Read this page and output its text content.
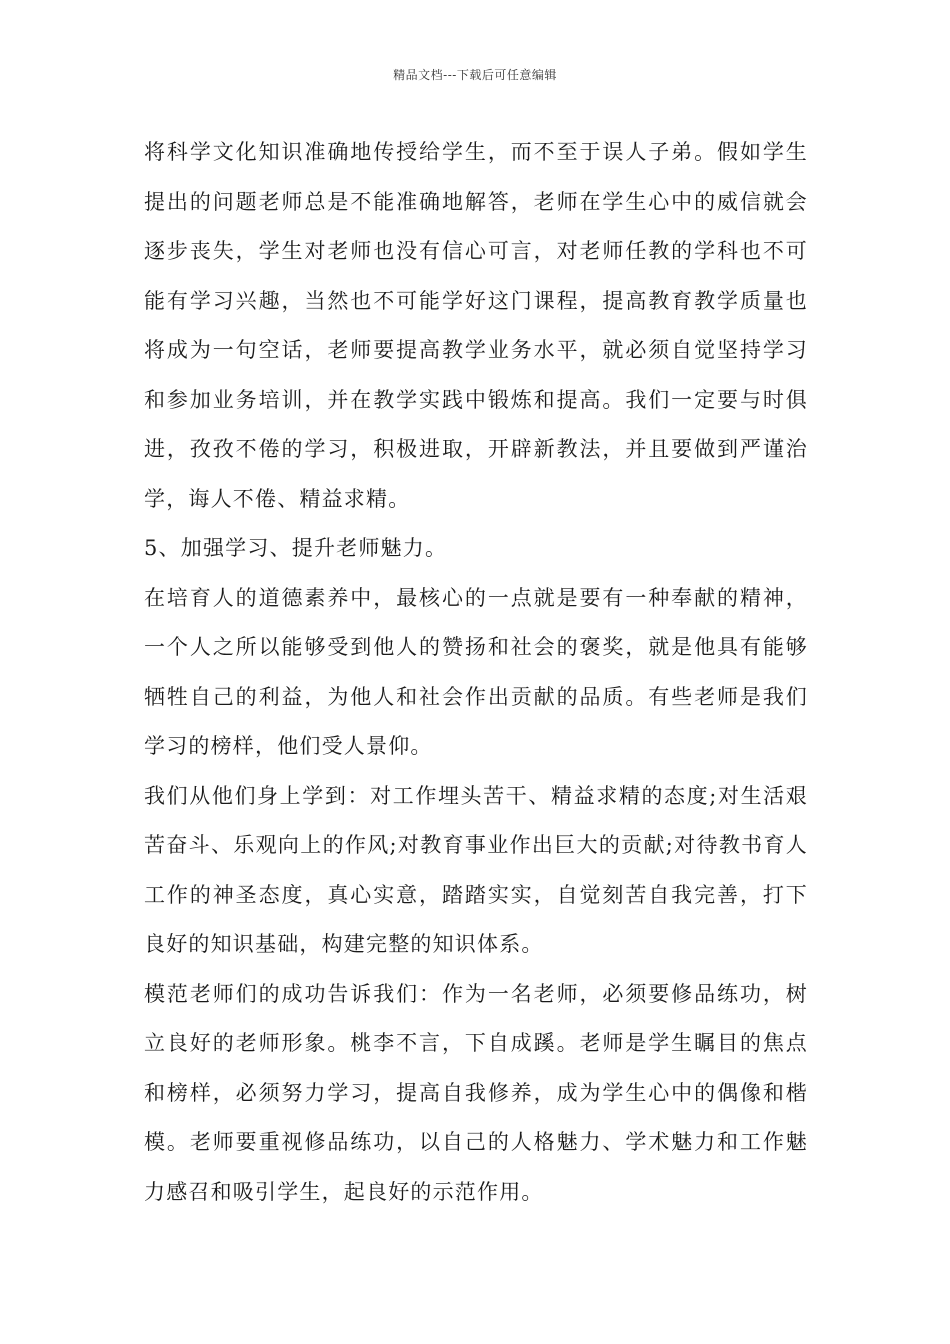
精品文档---下载后可任意编辑

将科学文化知识准确地传授给学生，而不至于误人子弟。假如学生提出的问题老师总是不能准确地解答，老师在学生心中的威信就会逐步丧失，学生对老师也没有信心可言，对老师任教的学科也不可能有学习兴趣，当然也不可能学好这门课程，提高教育教学质量也将成为一句空话，老师要提高教学业务水平，就必须自觉坚持学习和参加业务培训，并在教学实践中锻炼和提高。我们一定要与时俱进，孜孜不倦的学习，积极进取，开辟新教法，并且要做到严谨治学，诲人不倦、精益求精。

5、加强学习、提升老师魅力。

在培育人的道德素养中，最核心的一点就是要有一种奉献的精神，一个人之所以能够受到他人的赞扬和社会的褒奖，就是他具有能够牺牲自己的利益，为他人和社会作出贡献的品质。有些老师是我们学习的榜样，他们受人景仰。

我们从他们身上学到：对工作埋头苦干、精益求精的态度;对生活艰苦奋斗、乐观向上的作风;对教育事业作出巨大的贡献;对待教书育人工作的神圣态度，真心实意，踏踏实实，自觉刻苦自我完善，打下良好的知识基础，构建完整的知识体系。

模范老师们的成功告诉我们：作为一名老师，必须要修品练功，树立良好的老师形象。桃李不言，下自成蹊。老师是学生瞩目的焦点和榜样，必须努力学习，提高自我修养，成为学生心中的偶像和楷模。老师要重视修品练功，以自己的人格魅力、学术魅力和工作魅力感召和吸引学生，起良好的示范作用。
